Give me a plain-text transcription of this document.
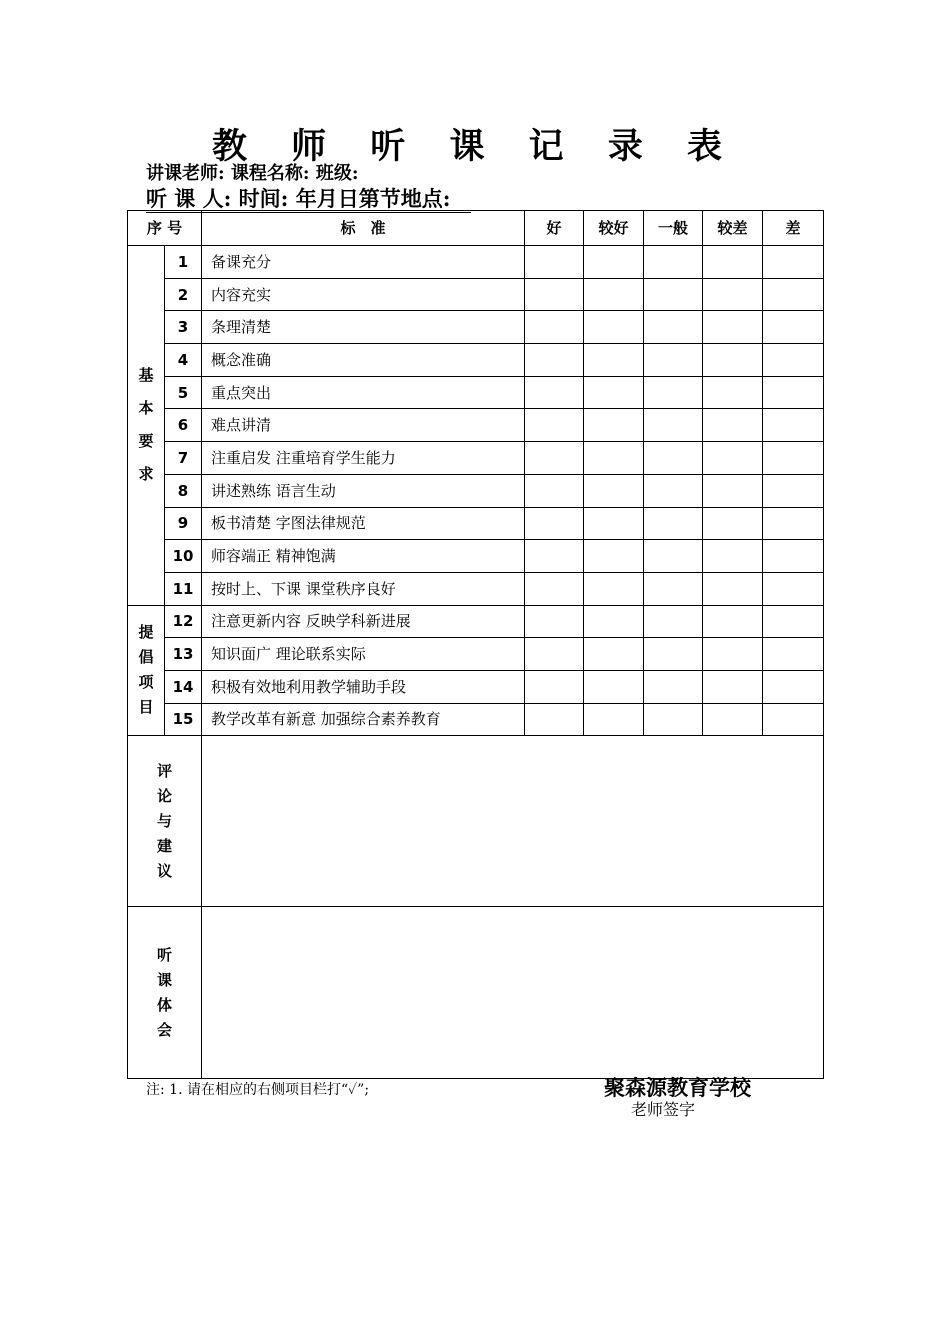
教 师 听 课 记 录 表
讲课老师: 课程名称: 班级:
听 课 人: 时间: 年月日第节地点:
序 号		标　准	好	较好	一般	较差	差

基
本
要
求	1	备课充分					
	2	内容充实					
	3	条理清楚					
	4	概念准确					
	5	重点突出					
	6	难点讲清					
	7	注重启发 注重培育学生能力					
	8	讲述熟练 语言生动					
	9	板书清楚 字图法律规范					
	10	师容端正 精神饱满					
	11	按时上、下课 课堂秩序良好					

提
倡
项
目	12	注意更新内容 反映学科新进展					
	13	知识面广 理论联系实际					
	14	积极有效地利用教学辅助手段					
	15	教学改革有新意 加强综合素养教育					

评
论
与
建
议							

听
课
体
会							

注: 1. 请在相应的右侧项目栏打“✓”;	聚森源教育学校
老师签字
